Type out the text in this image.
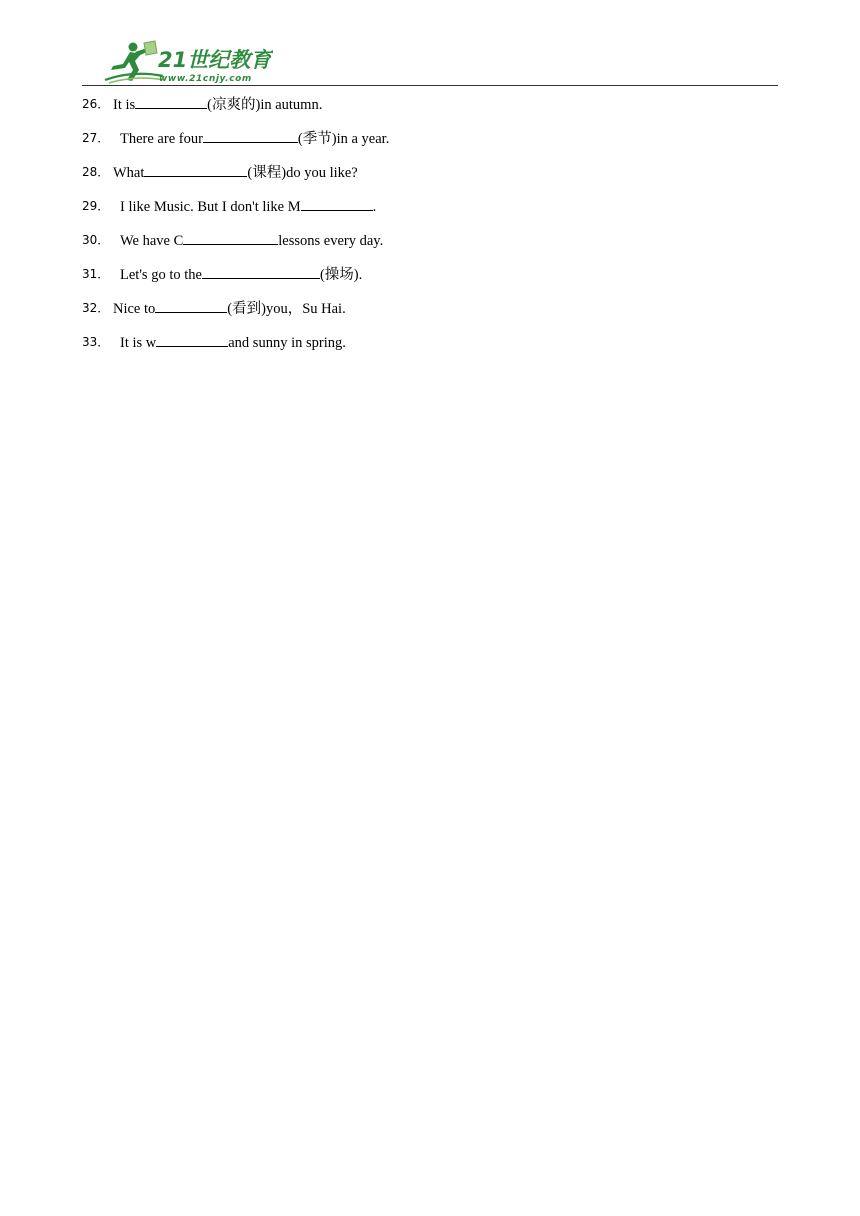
21世纪教育
www.21cnjy.com
26． It is	(凉爽的)in autumn.
27． There are four	(季节)in a year.
28． What	(课程)do you like?
29． I like Music. But I don't like M	.
30． We have C	lessons every day.
31． Let's go to the	(操场).
32． Nice to	(看到)you，Su Hai.
33． It is w	and sunny in spring.
